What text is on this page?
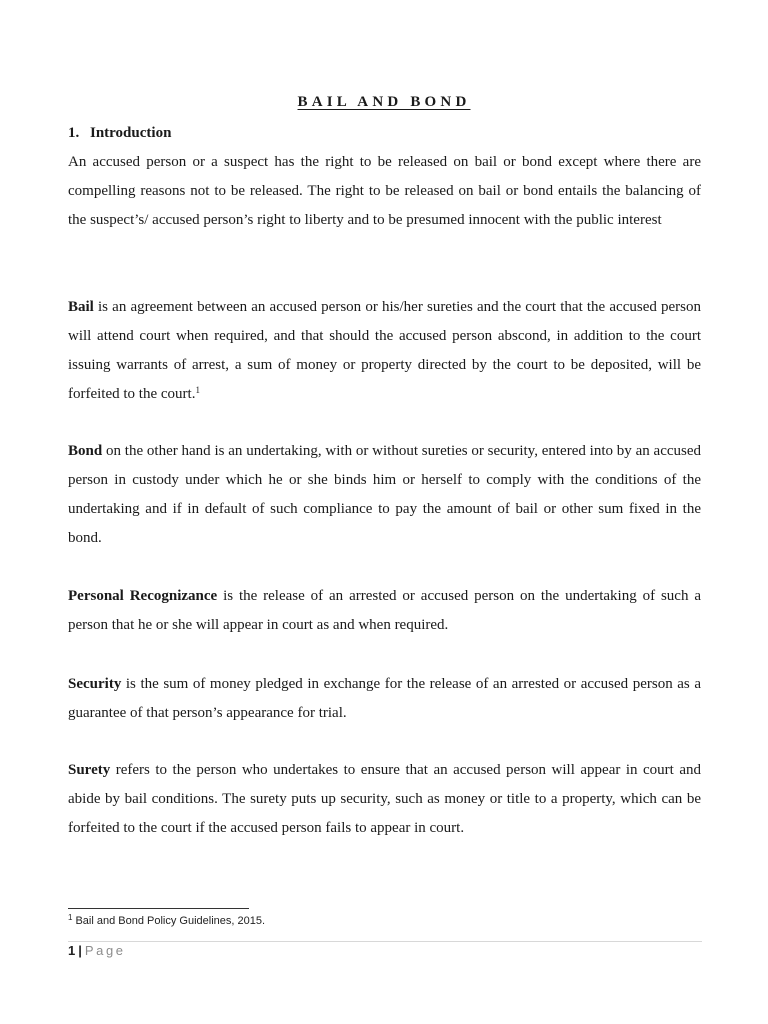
BAIL AND BOND
1. Introduction

An accused person or a suspect has the right to be released on bail or bond except where there are compelling reasons not to be released. The right to be released on bail or bond entails the balancing of the suspect’s/ accused person’s right to liberty and to be presumed innocent with the public interest

Bail is an agreement between an accused person or his/her sureties and the court that the accused person will attend court when required, and that should the accused person abscond, in addition to the court issuing warrants of arrest, a sum of money or property directed by the court to be deposited, will be forfeited to the court.$^1$

Bond on the other hand is an undertaking, with or without sureties or security, entered into by an accused person in custody under which he or she binds him or herself to comply with the conditions of the undertaking and if in default of such compliance to pay the amount of bail or other sum fixed in the bond.

Personal Recognizance is the release of an arrested or accused person on the undertaking of such a person that he or she will appear in court as and when required.

Security is the sum of money pledged in exchange for the release of an arrested or accused person as a guarantee of that person’s appearance for trial.

Surety refers to the person who undertakes to ensure that an accused person will appear in court and abide by bail conditions. The surety puts up security, such as money or title to a property, which can be forfeited to the court if the accused person fails to appear in court.

$^1$ Bail and Bond Policy Guidelines, 2015.
1 | Page
